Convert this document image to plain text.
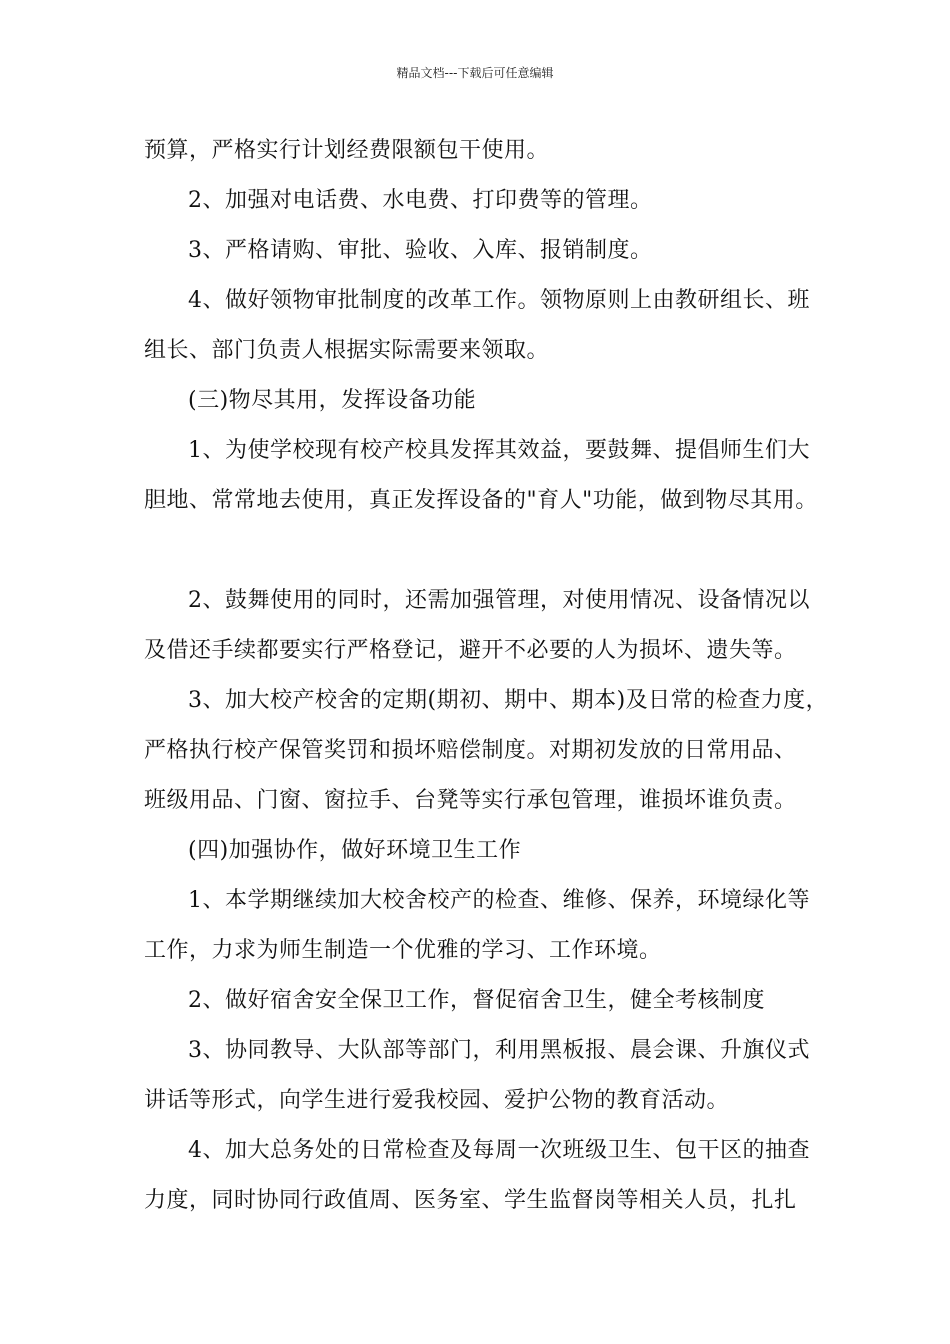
精品文档---下载后可任意编辑
预算，严格实行计划经费限额包干使用。
2、加强对电话费、水电费、打印费等的管理。
3、严格请购、审批、验收、入库、报销制度。
4、做好领物审批制度的改革工作。领物原则上由教研组长、班
组长、部门负责人根据实际需要来领取。
(三)物尽其用，发挥设备功能
1、为使学校现有校产校具发挥其效益，要鼓舞、提倡师生们大
胆地、常常地去使用，真正发挥设备的"育人"功能，做到物尽其用。
2、鼓舞使用的同时，还需加强管理，对使用情况、设备情况以
及借还手续都要实行严格登记，避开不必要的人为损坏、遗失等。
3、加大校产校舍的定期(期初、期中、期本)及日常的检查力度，
严格执行校产保管奖罚和损坏赔偿制度。对期初发放的日常用品、
班级用品、门窗、窗拉手、台凳等实行承包管理，谁损坏谁负责。
(四)加强协作，做好环境卫生工作
1、本学期继续加大校舍校产的检查、维修、保养，环境绿化等
工作，力求为师生制造一个优雅的学习、工作环境。
2、做好宿舍安全保卫工作，督促宿舍卫生，健全考核制度
3、协同教导、大队部等部门，利用黑板报、晨会课、升旗仪式
讲话等形式，向学生进行爱我校园、爱护公物的教育活动。
4、加大总务处的日常检查及每周一次班级卫生、包干区的抽查
力度，同时协同行政值周、医务室、学生监督岗等相关人员，扎扎
